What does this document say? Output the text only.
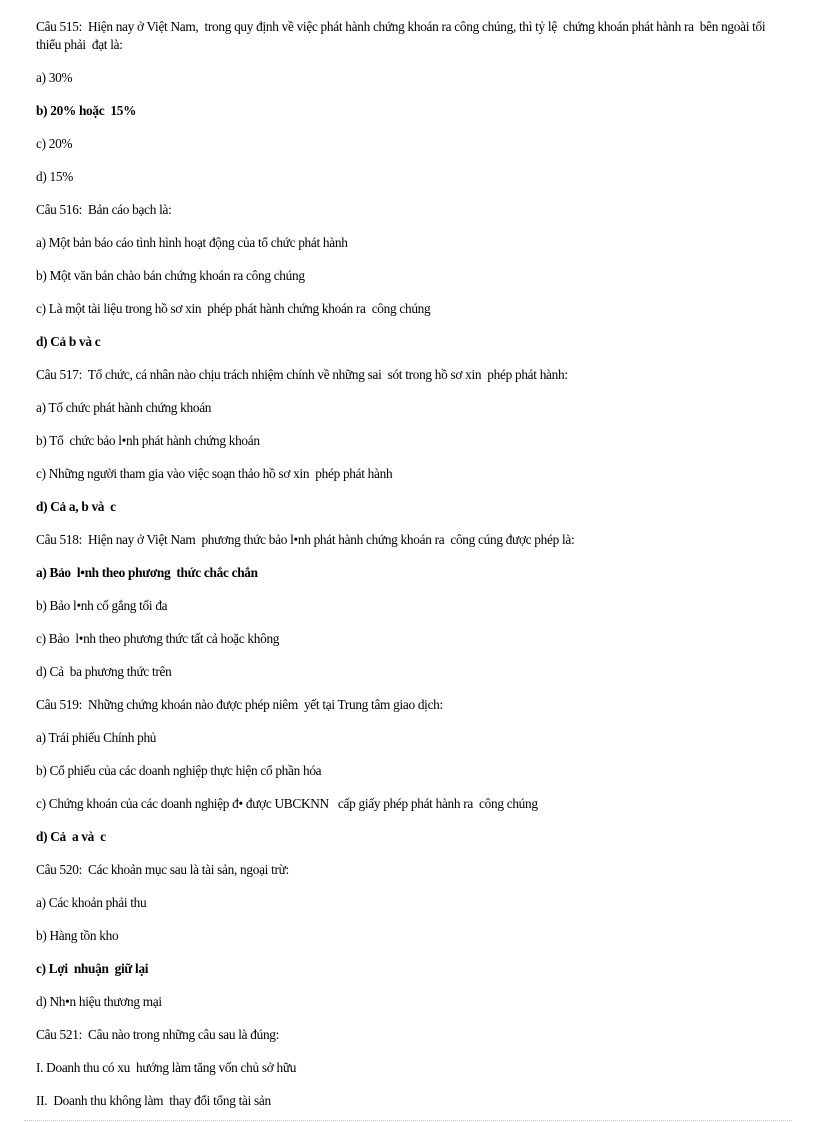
Câu 515:  Hiện nay ở Việt Nam,  trong quy định về việc phát hành chứng khoán ra công chúng, thì tỷ lệ  chứng khoán phát hành ra  bên ngoài tối thiểu phải  đạt là:

a) 30%

b) 20% hoặc  15%

c) 20%

d) 15%

Câu 516:  Bản cáo bạch là:

a) Một bản báo cáo tình hình hoạt động của tổ chức phát hành

b) Một văn bản chào bán chứng khoán ra công chúng

c) Là một tài liệu trong hồ sơ xin  phép phát hành chứng khoán ra  công chúng

d) Cả b và c

Câu 517:  Tổ chức, cá nhân nào chịu trách nhiệm chính về những sai  sót trong hồ sơ xin  phép phát hành:

a) Tổ chức phát hành chứng khoán

b) Tổ  chức bảo l•nh phát hành chứng khoán

c) Những người tham gia vào việc soạn thảo hồ sơ xin  phép phát hành

d) Cả a, b và  c

Câu 518:  Hiện nay ở Việt Nam  phương thức bảo l•nh phát hành chứng khoán ra  công cúng được phép là:

a) Bảo  l•nh theo phương  thức chắc chắn

b) Bảo l•nh cố gắng tối đa

c) Bảo  l•nh theo phương thức tất cả hoặc không

d) Cả  ba phương thức trên

Câu 519:  Những chứng khoán nào được phép niêm  yết tại Trung tâm giao dịch:

a) Trái phiếu Chính phủ

b) Cổ phiếu của các doanh nghiệp thực hiện cổ phần hóa

c) Chứng khoán của các doanh nghiệp đ• được UBCKNN   cấp giấy phép phát hành ra  công chúng

d) Cả  a và  c

Câu 520:  Các khoản mục sau là tài sản, ngoại trừ:

a) Các khoản phải thu

b) Hàng tồn kho

c) Lợi  nhuận  giữ lại

d) Nh•n hiệu thương mại

Câu 521:  Câu nào trong những câu sau là đúng:

I. Doanh thu có xu  hướng làm tăng vốn chủ sở hữu

II.  Doanh thu không làm  thay đổi tổng tài sản
